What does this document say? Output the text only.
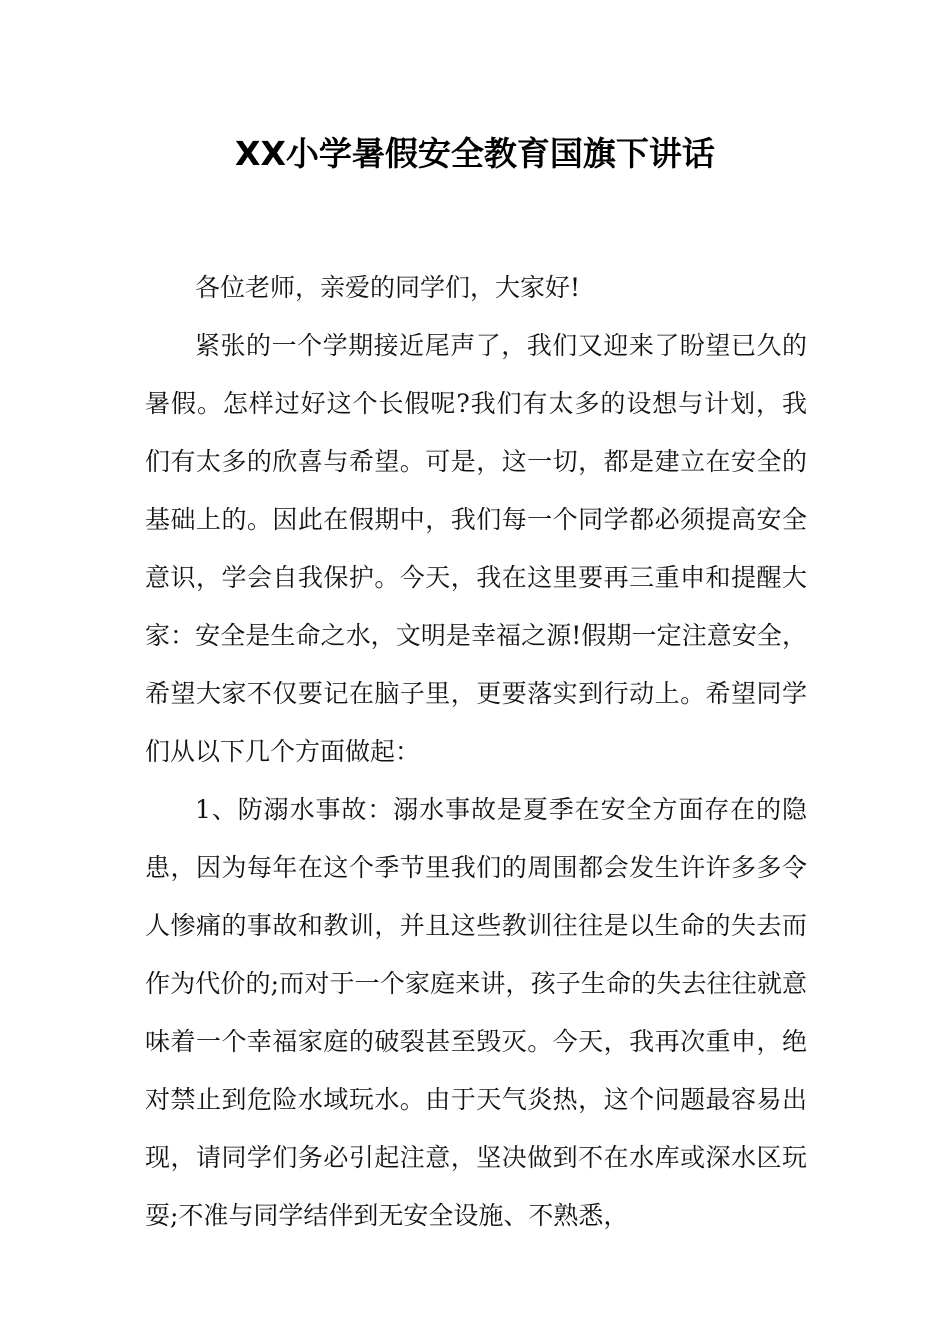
XX小学暑假安全教育国旗下讲话

各位老师，亲爱的同学们，大家好!

紧张的一个学期接近尾声了，我们又迎来了盼望已久的暑假。怎样过好这个长假呢?我们有太多的设想与计划，我们有太多的欣喜与希望。可是，这一切，都是建立在安全的基础上的。因此在假期中，我们每一个同学都必须提高安全意识，学会自我保护。今天，我在这里要再三重申和提醒大家：安全是生命之水，文明是幸福之源!假期一定注意安全，希望大家不仅要记在脑子里，更要落实到行动上。希望同学们从以下几个方面做起：

1、防溺水事故：溺水事故是夏季在安全方面存在的隐患，因为每年在这个季节里我们的周围都会发生许许多多令人惨痛的事故和教训，并且这些教训往往是以生命的失去而作为代价的;而对于一个家庭来讲，孩子生命的失去往往就意味着一个幸福家庭的破裂甚至毁灭。今天，我再次重申，绝对禁止到危险水域玩水。由于天气炎热，这个问题最容易出现，请同学们务必引起注意，坚决做到不在水库或深水区玩耍;不准与同学结伴到无安全设施、不熟悉，
